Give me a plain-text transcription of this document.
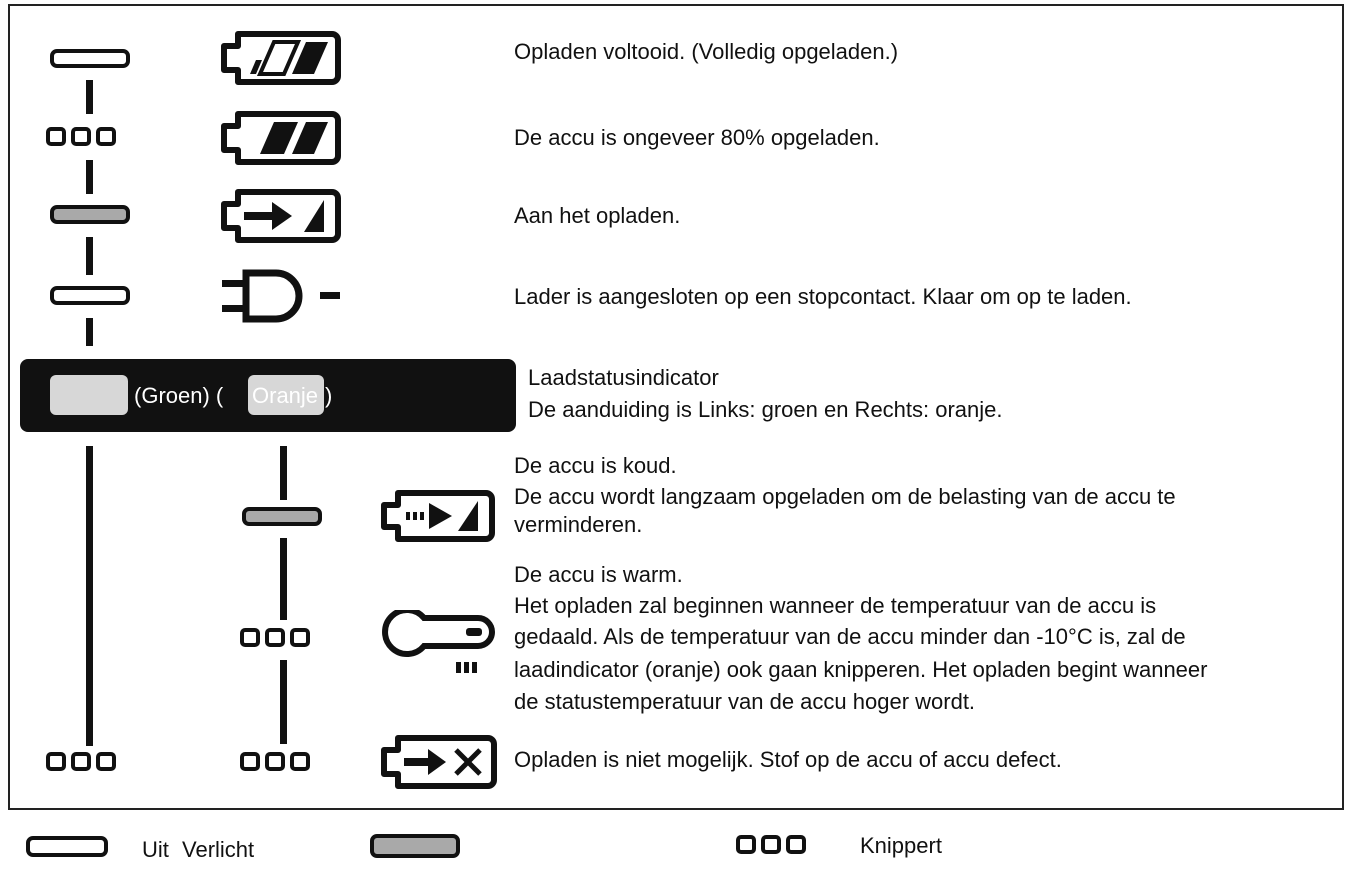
Opladen voltooid. (Volledig opgeladen.)
De accu is ongeveer 80% opgeladen.
Aan het opladen.
Lader is aangesloten op een stopcontact. Klaar om op te laden.
(Groen) ( Oranje )
Laadstatusindicator
De aanduiding is Links: groen en Rechts: oranje.
De accu is koud.
De accu wordt langzaam opgeladen om de belasting van de accu te
verminderen.
De accu is warm.
Het opladen zal beginnen wanneer de temperatuur van de accu is
gedaald. Als de temperatuur van de accu minder dan -10°C is, zal de
laadindicator (oranje) ook gaan knipperen. Het opladen begint wanneer
de statustemperatuur van de accu hoger wordt.
Opladen is niet mogelijk. Stof op de accu of accu defect.
Uit Verlicht	Knippert
